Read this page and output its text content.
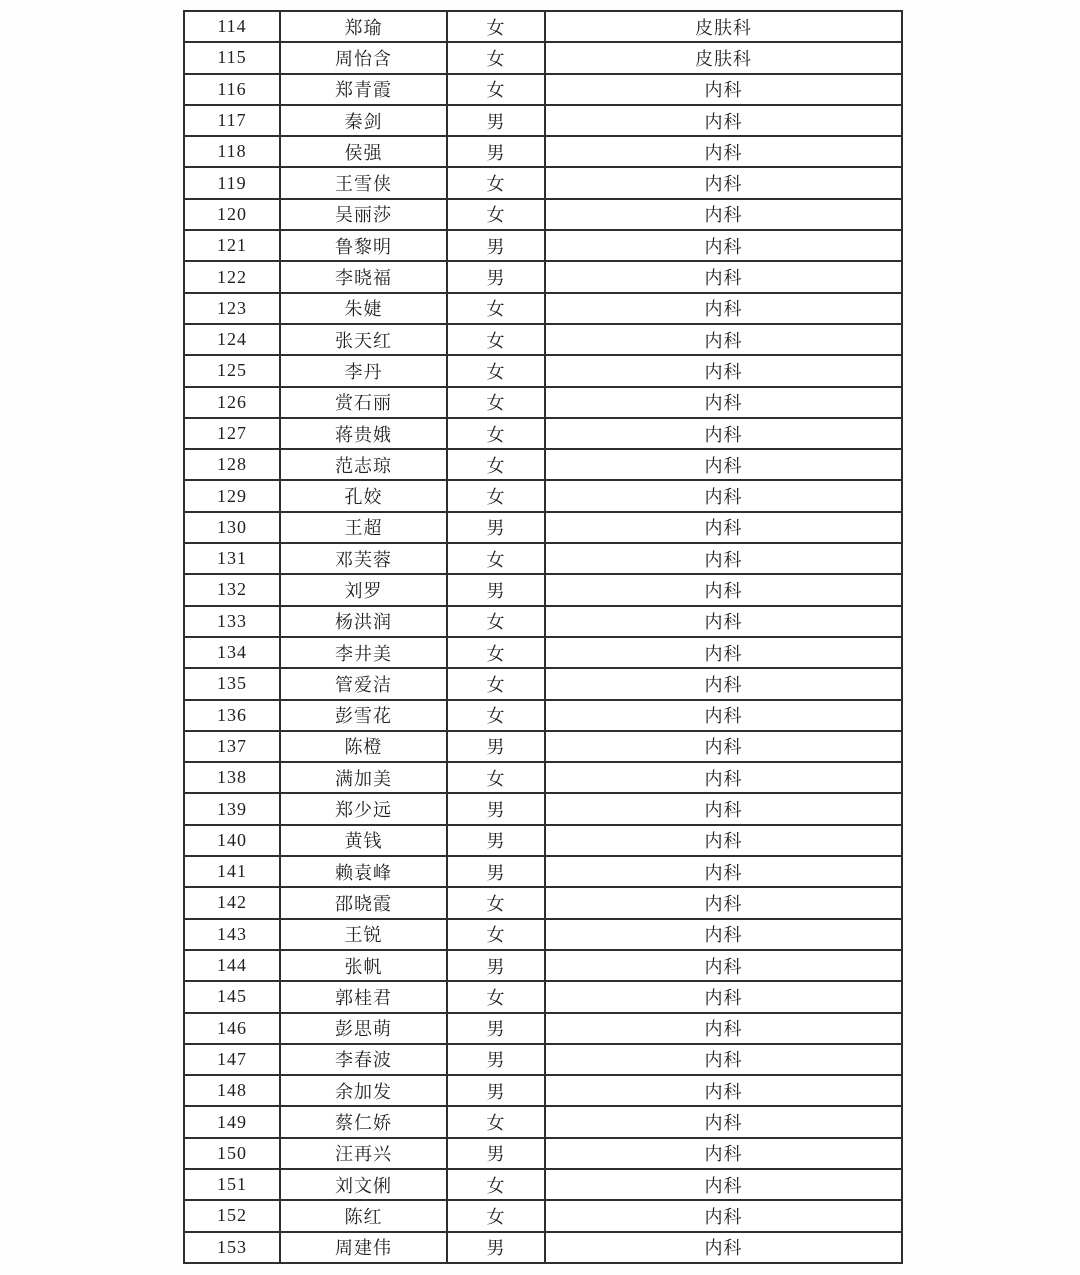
114	郑瑜	女	皮肤科
115	周怡含	女	皮肤科
116	郑青霞	女	内科
117	秦剑	男	内科
118	侯强	男	内科
119	王雪侠	女	内科
120	吴丽莎	女	内科
121	鲁黎明	男	内科
122	李晓福	男	内科
123	朱婕	女	内科
124	张天红	女	内科
125	李丹	女	内科
126	赏石丽	女	内科
127	蒋贵娥	女	内科
128	范志琼	女	内科
129	孔姣	女	内科
130	王超	男	内科
131	邓芙蓉	女	内科
132	刘罗	男	内科
133	杨洪润	女	内科
134	李井美	女	内科
135	管爱洁	女	内科
136	彭雪花	女	内科
137	陈橙	男	内科
138	满加美	女	内科
139	郑少远	男	内科
140	黄钱	男	内科
141	赖袁峰	男	内科
142	邵晓霞	女	内科
143	王锐	女	内科
144	张帆	男	内科
145	郭桂君	女	内科
146	彭思萌	男	内科
147	李春波	男	内科
148	余加发	男	内科
149	蔡仁娇	女	内科
150	汪再兴	男	内科
151	刘文俐	女	内科
152	陈红	女	内科
153	周建伟	男	内科
